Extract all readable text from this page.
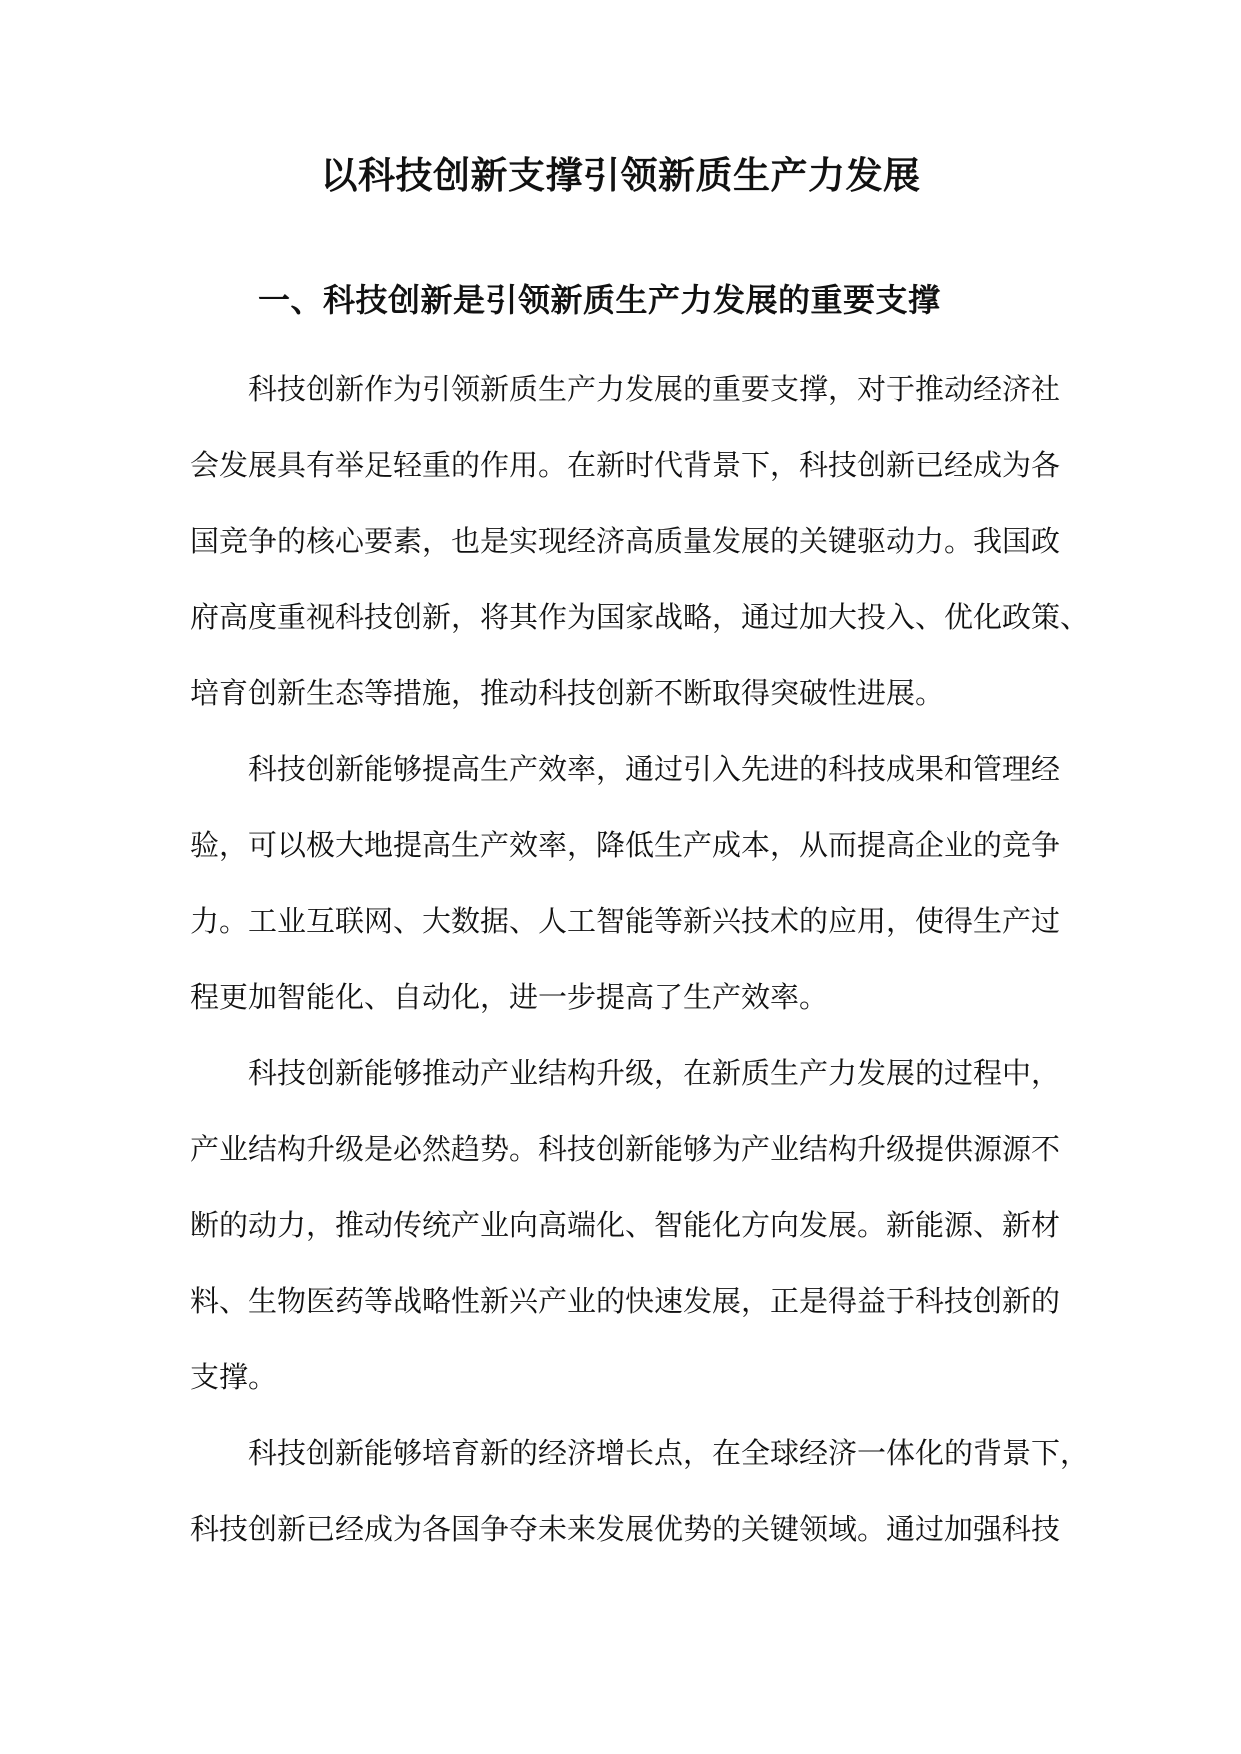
以科技创新支撑引领新质生产力发展
一、科技创新是引领新质生产力发展的重要支撑

科技创新作为引领新质生产力发展的重要支撑，对于推动经济社
会发展具有举足轻重的作用。在新时代背景下，科技创新已经成为各
国竞争的核心要素，也是实现经济高质量发展的关键驱动力。我国政
府高度重视科技创新，将其作为国家战略，通过加大投入、优化政策、
培育创新生态等措施，推动科技创新不断取得突破性进展。

科技创新能够提高生产效率，通过引入先进的科技成果和管理经
验，可以极大地提高生产效率，降低生产成本，从而提高企业的竞争
力。工业互联网、大数据、人工智能等新兴技术的应用，使得生产过
程更加智能化、自动化，进一步提高了生产效率。

科技创新能够推动产业结构升级，在新质生产力发展的过程中，
产业结构升级是必然趋势。科技创新能够为产业结构升级提供源源不
断的动力，推动传统产业向高端化、智能化方向发展。新能源、新材
料、生物医药等战略性新兴产业的快速发展，正是得益于科技创新的
支撑。

科技创新能够培育新的经济增长点，在全球经济一体化的背景下，
科技创新已经成为各国争夺未来发展优势的关键领域。通过加强科技
